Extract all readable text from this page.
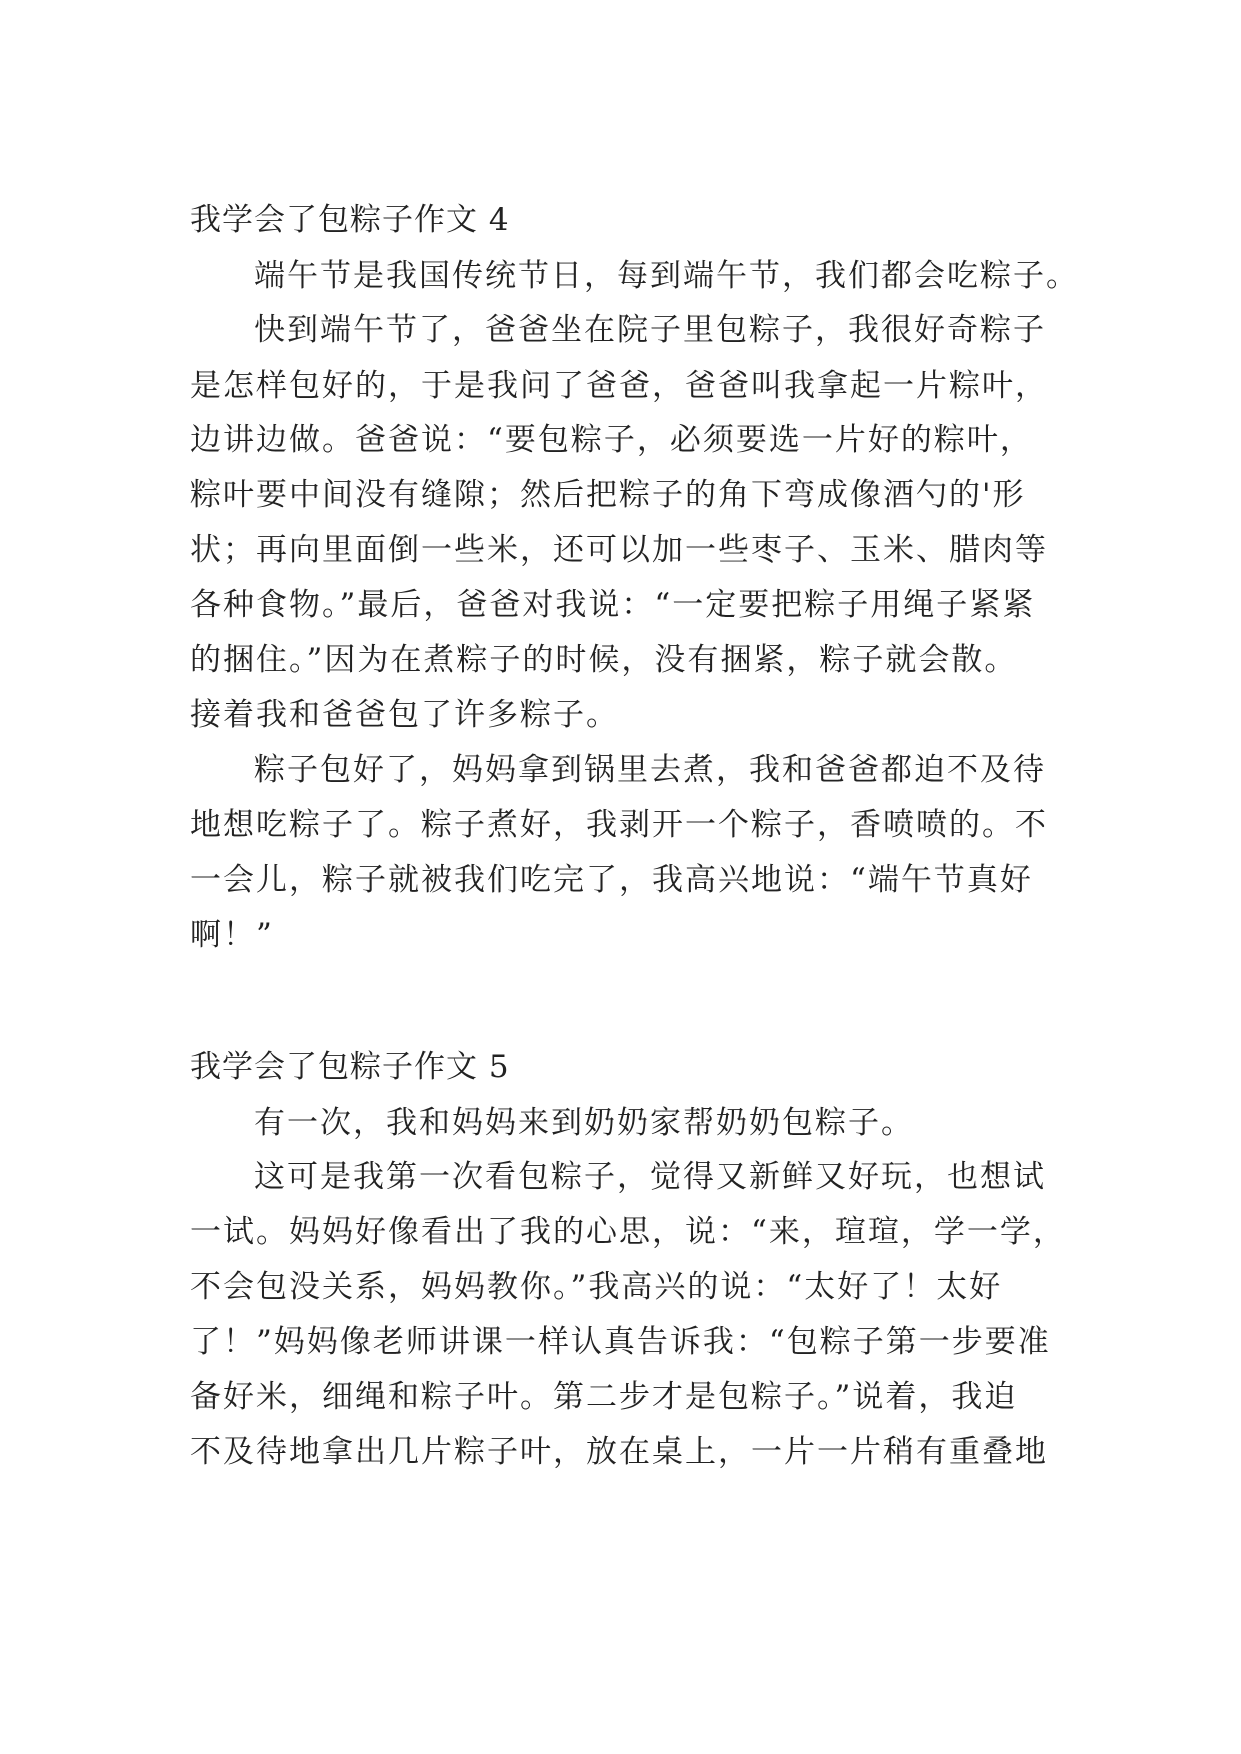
我学会了包粽子作文 4
端午节是我国传统节日，每到端午节，我们都会吃粽子。
快到端午节了，爸爸坐在院子里包粽子，我很好奇粽子
是怎样包好的，于是我问了爸爸，爸爸叫我拿起一片粽叶，
边讲边做。爸爸说：“要包粽子，必须要选一片好的粽叶，
粽叶要中间没有缝隙；然后把粽子的角下弯成像酒勺的'形
状；再向里面倒一些米，还可以加一些枣子、玉米、腊肉等
各种食物。”最后，爸爸对我说：“一定要把粽子用绳子紧紧
的捆住。”因为在煮粽子的时候，没有捆紧，粽子就会散。
接着我和爸爸包了许多粽子。
粽子包好了，妈妈拿到锅里去煮，我和爸爸都迫不及待
地想吃粽子了。粽子煮好，我剥开一个粽子，香喷喷的。不
一会儿，粽子就被我们吃完了，我高兴地说：“端午节真好
啊！”
我学会了包粽子作文 5
有一次，我和妈妈来到奶奶家帮奶奶包粽子。
这可是我第一次看包粽子，觉得又新鲜又好玩，也想试
一试。妈妈好像看出了我的心思，说：“来，瑄瑄，学一学，
不会包没关系，妈妈教你。”我高兴的说：“太好了！太好
了！”妈妈像老师讲课一样认真告诉我：“包粽子第一步要准
备好米，细绳和粽子叶。第二步才是包粽子。”说着，我迫
不及待地拿出几片粽子叶，放在桌上，一片一片稍有重叠地
